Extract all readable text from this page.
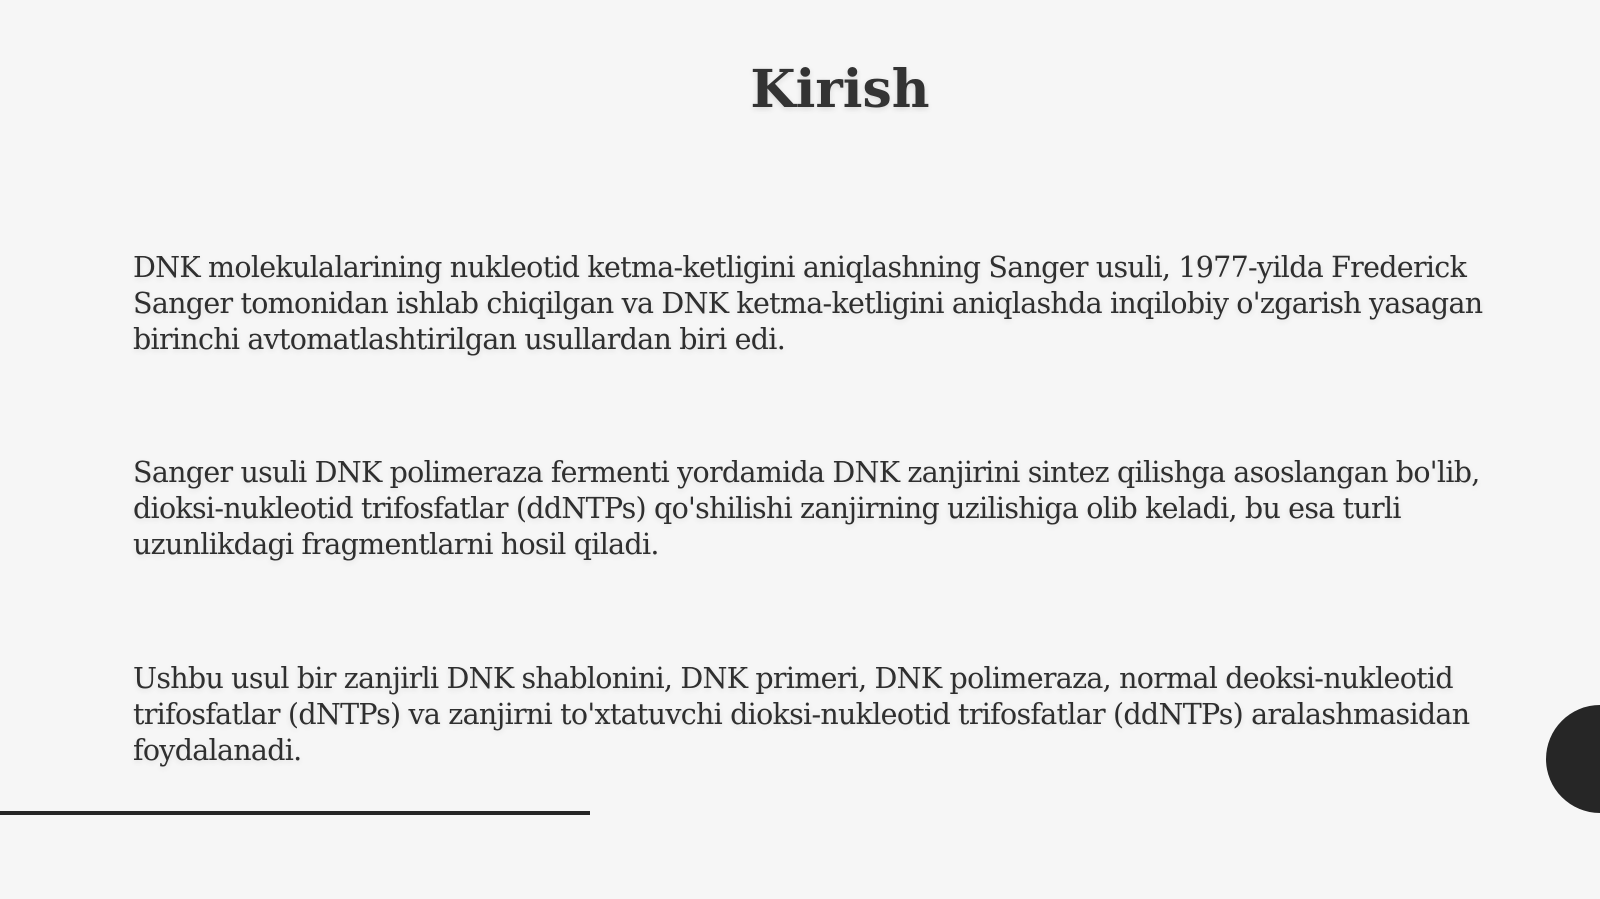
Kirish

DNK molekulalarining nukleotid ketma-ketligini aniqlashning Sanger usuli, 1977-yilda Frederick Sanger tomonidan ishlab chiqilgan va DNK ketma-ketligini aniqlashda inqilobiy o'zgarish yasagan birinchi avtomatlashtirilgan usullardan biri edi.

Sanger usuli DNK polimeraza fermenti yordamida DNK zanjirini sintez qilishga asoslangan bo'lib, dioksi-nukleotid trifosfatlar (ddNTPs) qo'shilishi zanjirning uzilishiga olib keladi, bu esa turli uzunlikdagi fragmentlarni hosil qiladi.

Ushbu usul bir zanjirli DNK shablonini, DNK primeri, DNK polimeraza, normal deoksi-nukleotid trifosfatlar (dNTPs) va zanjirni to'xtatuvchi dioksi-nukleotid trifosfatlar (ddNTPs) aralashmasidan foydalanadi.
